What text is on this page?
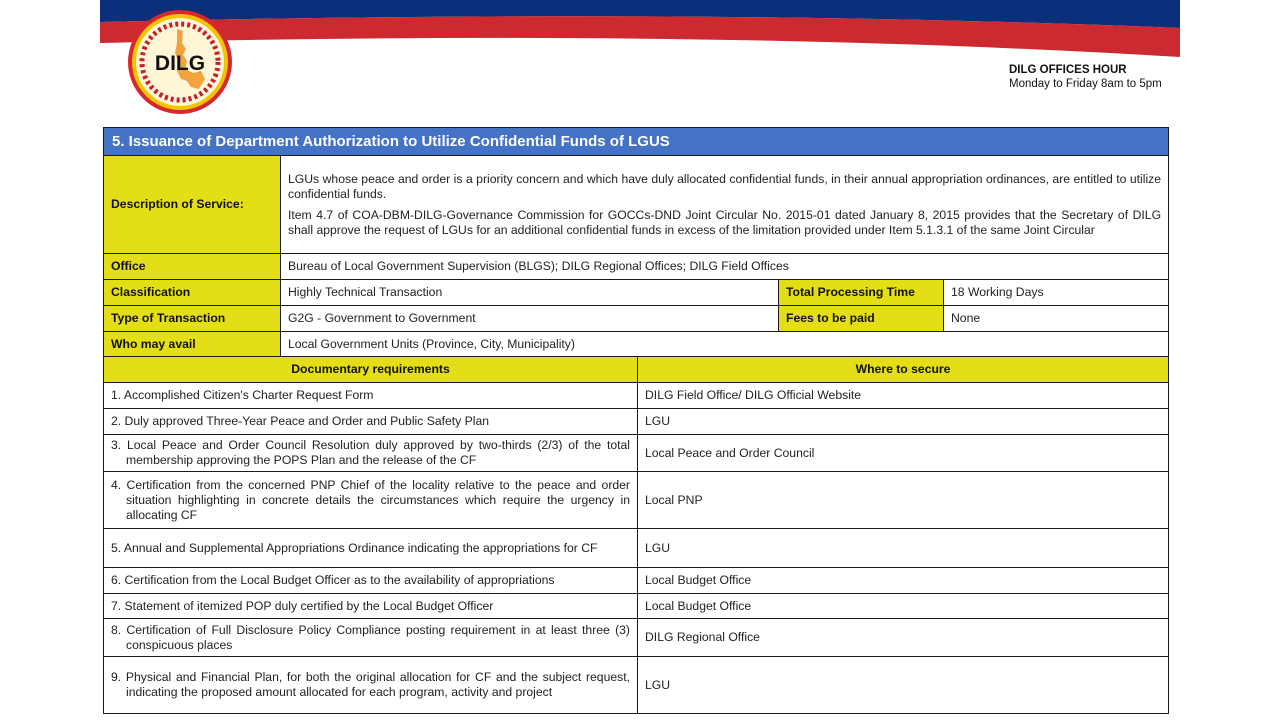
DILG	DILG OFFICES HOUR
Monday to Friday 8am to 5pm
5. Issuance of Department Authorization to Utilize Confidential Funds of LGUS				
Description of Service:	LGUs whose peace and order is a priority concern and which have duly allocated confidential funds, in their annual appropriation ordinances, are entitled to utilize confidential funds.

Item 4.7 of COA-DBM-DILG-Governance Commission for GOCCs-DND Joint Circular No. 2015-01 dated January 8, 2015 provides that the Secretary of DILG shall approve the request of LGUs for an additional confidential funds in excess of the limitation provided under Item 5.1.3.1 of the same Joint Circular			

Office	Bureau of Local Government Supervision (BLGS); DILG Regional Offices; DILG Field Offices			
Classification	Highly Technical Transaction		Total Processing Time	18 Working Days
Type of Transaction	G2G - Government to Government		Fees to be paid	None
Who may avail	Local Government Units (Province, City, Municipality)			
Documentary requirements		Where to secure		
1. Accomplished Citizen's Charter Request Form		DILG Field Office/ DILG Official Website		
2. Duly approved Three-Year Peace and Order and Public Safety Plan		LGU		
3. Local Peace and Order Council Resolution duly approved by two-thirds (2/3) of the total membership approving the POPS Plan and the release of the CF		Local Peace and Order Council		
4. Certification from the concerned PNP Chief of the locality relative to the peace and order situation highlighting in concrete details the circumstances which require the urgency in allocating CF		Local PNP		
5. Annual and Supplemental Appropriations Ordinance indicating the appropriations for CF		LGU		
6. Certification from the Local Budget Officer as to the availability of appropriations		Local Budget Office		
7. Statement of itemized POP duly certified by the Local Budget Officer		Local Budget Office		
8. Certification of Full Disclosure Policy Compliance posting requirement in at least three (3) conspicuous places		DILG Regional Office		
9. Physical and Financial Plan, for both the original allocation for CF and the subject request, indicating the proposed amount allocated for each program, activity and project		LGU		
